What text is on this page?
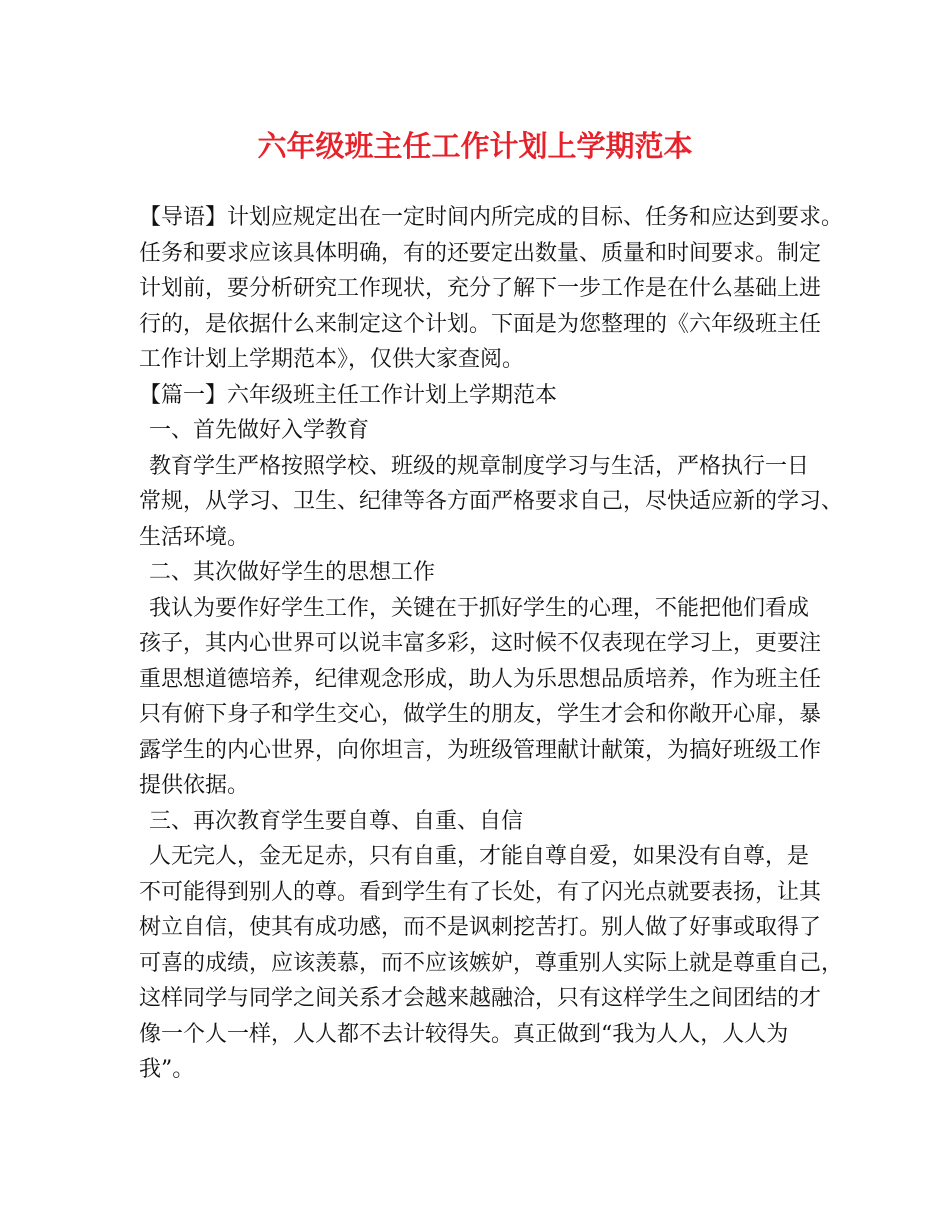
六年级班主任工作计划上学期范本
【导语】计划应规定出在一定时间内所完成的目标、任务和应达到要求。
任务和要求应该具体明确，有的还要定出数量、质量和时间要求。制定
计划前，要分析研究工作现状，充分了解下一步工作是在什么基础上进
行的，是依据什么来制定这个计划。下面是为您整理的《六年级班主任
工作计划上学期范本》，仅供大家查阅。
【篇一】六年级班主任工作计划上学期范本
一、首先做好入学教育
教育学生严格按照学校、班级的规章制度学习与生活，严格执行一日
常规，从学习、卫生、纪律等各方面严格要求自己，尽快适应新的学习、
生活环境。
二、其次做好学生的思想工作
我认为要作好学生工作，关键在于抓好学生的心理，不能把他们看成
孩子，其内心世界可以说丰富多彩，这时候不仅表现在学习上，更要注
重思想道德培养，纪律观念形成，助人为乐思想品质培养，作为班主任
只有俯下身子和学生交心，做学生的朋友，学生才会和你敞开心扉，暴
露学生的内心世界，向你坦言，为班级管理献计献策，为搞好班级工作
提供依据。
三、再次教育学生要自尊、自重、自信
人无完人，金无足赤，只有自重，才能自尊自爱，如果没有自尊，是
不可能得到别人的尊。看到学生有了长处，有了闪光点就要表扬，让其
树立自信，使其有成功感，而不是讽刺挖苦打。别人做了好事或取得了
可喜的成绩，应该羡慕，而不应该嫉妒，尊重别人实际上就是尊重自己，
这样同学与同学之间关系才会越来越融洽，只有这样学生之间团结的才
像一个人一样，人人都不去计较得失。真正做到“我为人人，人人为
我”。
